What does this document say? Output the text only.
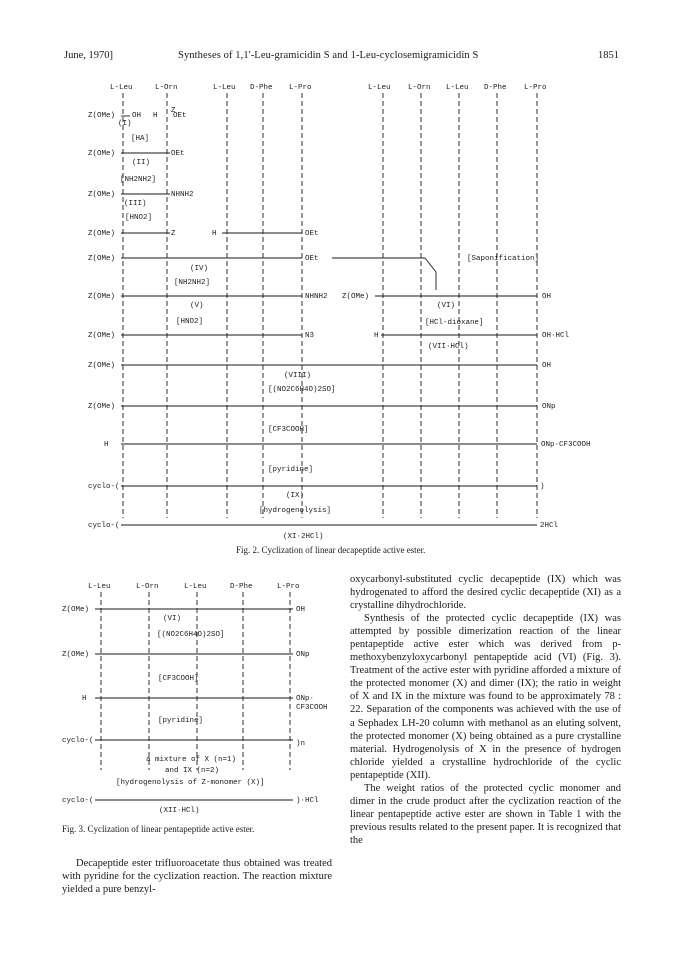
June, 1970]	Syntheses of 1,1'-Leu-gramicidin S and 1-Leu-cyclosemigramicidin S	1851
L-Leu	L-Orn	L-Leu D-Phe L-Pro	L-Leu L-Orn L-Leu D-Phe L-Pro
Z(OMe) OH H
Z
OEt
(I)
[HA]
Z(OMe)	OEt
(II)
[NH2NH2]
Z(OMe)	NHNH2
(III)
[HNO2]
Z(OMe)	Z	H	OEt
Z(OMe)	OEt
(IV)
[Saponification]
[NH2NH2]
Z(OMe)	NHNH2
(V)
Z(OMe)	OH
(VI)
[HNO2]
Z(OMe)	N3
[HCl-dioxane]
H	OH·HCl
(VII·HCl)
Z(OMe)	OH
(VIII)
[(NO2C6H4O)2SO]
Z(OMe)	ONp
[CF3COOH]
H	ONp·CF3COOH
[pyridine]
cyclo-(	)
(IX)
[hydrogenolysis]
cyclo-(	2HCl
(XI·2HCl)
Fig. 2. Cyclization of linear decapeptide active ester.
L-Leu	L-Orn	L-Leu	D-Phe	L-Pro
Z(OMe)	OH
(VI)
[(NO2C6H4O)2SO]
Z(OMe)	ONp
[CF3COOH]
H	ONp·
CF3COOH
[pyridine]
cyclo-(	)n
a mixture of X (n=1)
and IX (n=2)
[hydrogenolysis of Z-monomer (X)]
cyclo-(	)·HCl
(XII·HCl)
Fig. 3. Cyclization of linear pentapeptide active ester.

Decapeptide ester trifluoroacetate thus obtained was treated with pyridine for the cyclization reaction. The reaction mixture yielded a pure benzyl-

oxycarbonyl-substituted cyclic decapeptide (IX) which was hydrogenated to afford the desired cyclic decapeptide (XI) as a crystalline dihydrochloride.

Synthesis of the protected cyclic decapeptide (IX) was attempted by possible dimerization reaction of the linear pentapeptide active ester which was derived from p-methoxybenzyloxycarbonyl pentapeptide acid (VI) (Fig. 3). Treatment of the active ester with pyridine afforded a mixture of the protected monomer (X) and dimer (IX); the ratio in weight of X and IX in the mixture was found to be approximately 78 : 22. Separation of the components was achieved with the use of a Sephadex LH-20 column with methanol as an eluting solvent, the protected monomer (X) being obtained as a pure crystalline material. Hydrogenolysis of X in the presence of hydrogen chloride yielded a crystalline hydrochloride of the cyclic pentapeptide (XII).

The weight ratios of the protected cyclic monomer and dimer in the crude product after the cyclization reaction of the linear pentapeptide active ester are shown in Table 1 with the previous results related to the present paper. It is recognized that the
